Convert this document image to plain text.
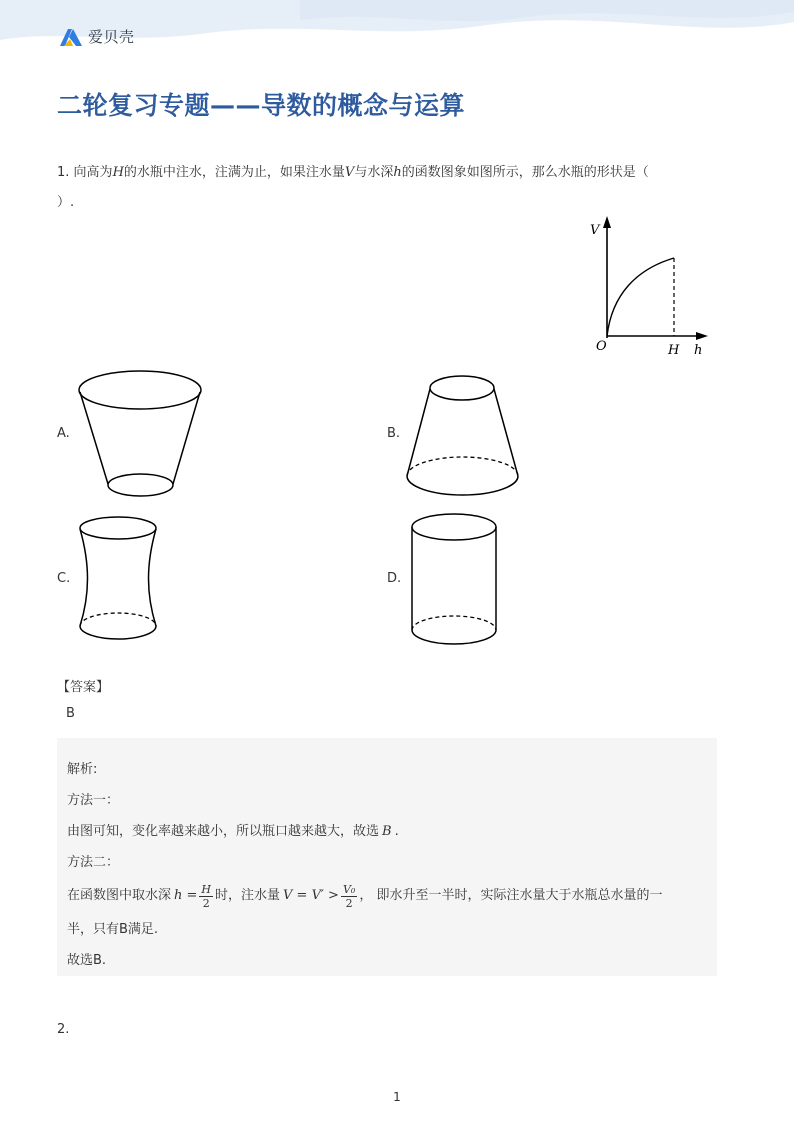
爱贝壳
二轮复习专题——导数的概念与运算
1. 向高为H的水瓶中注水，注满为止，如果注水量V与水深h的函数图象如图所示，那么水瓶的形状是（
）.
V
O	H h
A.	B.
C.	D.
【答案】
B
解析:
方法一：
由图可知，变化率越来越小，所以瓶口越来越大，故选 B .
方法二：
在函数图中取水深 $h = \frac{H}{2}$ 时，注水量 $V = V' > \frac{\text{V₀}}{2}$ ， 即水升至一半时，实际注水量大于水瓶总水量的一
半，只有B满足.
故选B.
2.
1
